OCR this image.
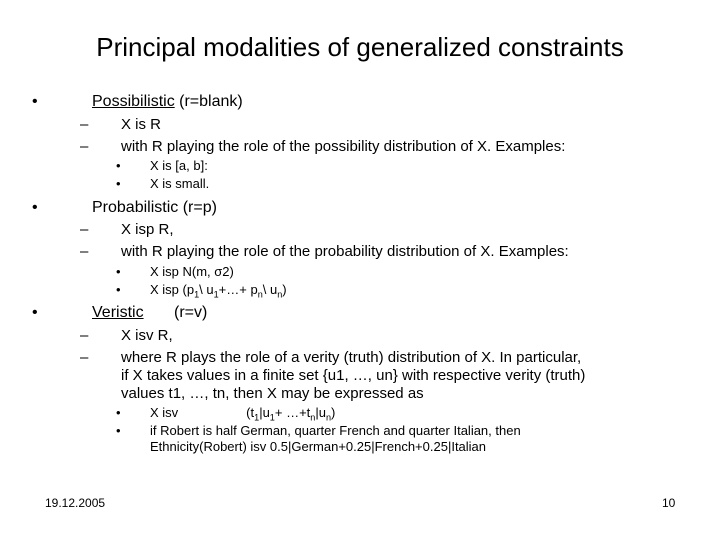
Principal modalities of generalized constraints
•	Possibilistic (r=blank)
– X is R
– with R playing the role of the possibility distribution of X. Examples:
• X is [a, b]:
• X is small.
•	Probabilistic (r=p)
– X isp R,
– with R playing the role of the probability distribution of X. Examples:
• X isp N(m, σ2)
• X isp ($p_1\backslash$ $u_1+\dots+$ $p_n\backslash$ $u_n$)
•	Veristic (r=v)
– X isv R,
– where R plays the role of a verity (truth) distribution of X. In particular,
if X takes values in a finite set {u1, …, un} with respective verity (truth)
values t1, …, tn, then X may be expressed as
• X isv	($t_1|u_1+$ $\dots+t_n|u_n$)
• if Robert is half German, quarter French and quarter Italian, then
Ethnicity(Robert) isv 0.5|German+0.25|French+0.25|Italian
19.12.2005	10
